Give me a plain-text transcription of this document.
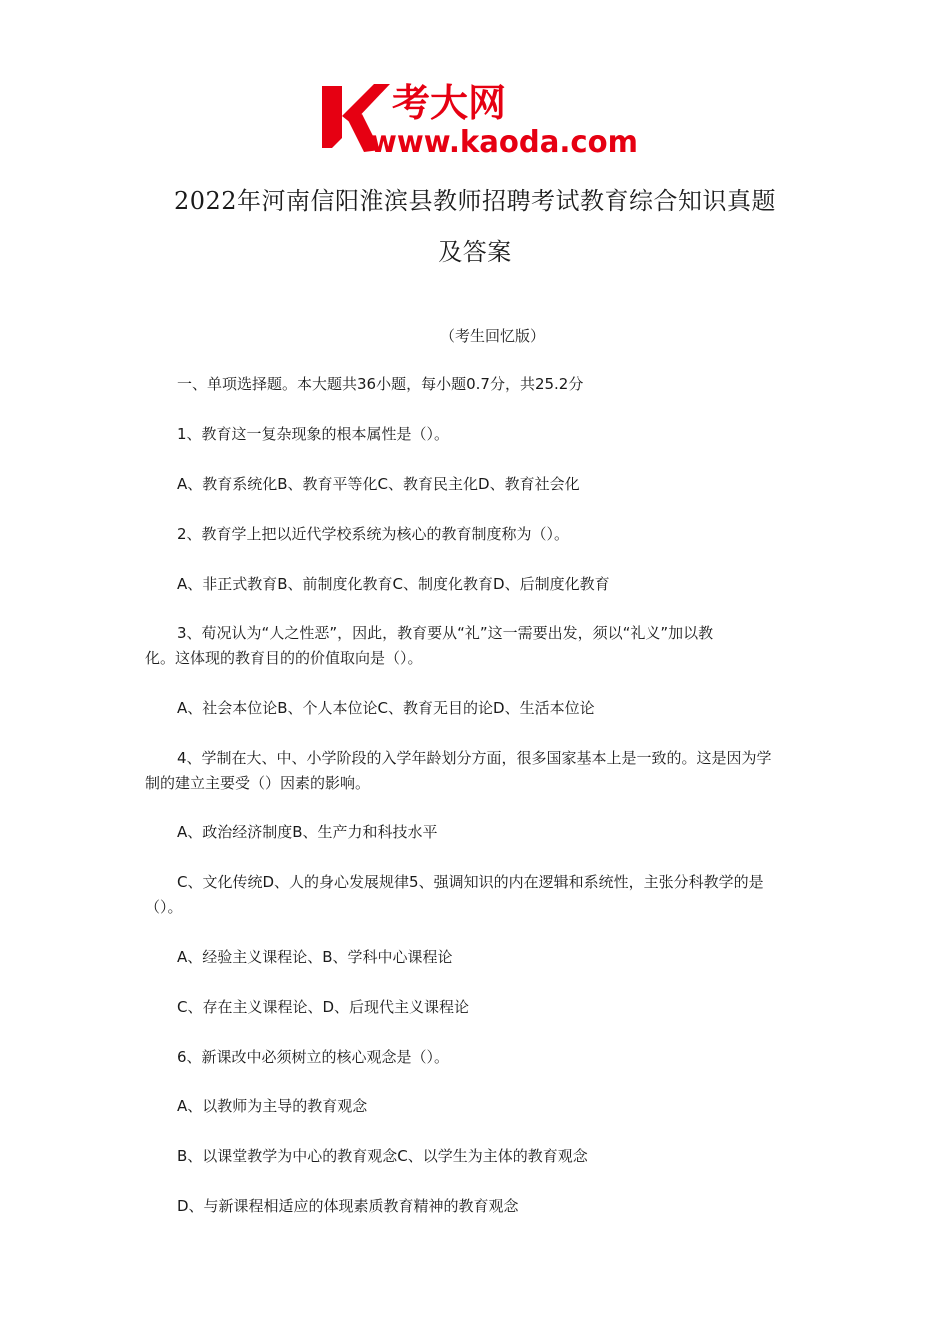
考大网
www.kaoda.com
2022年河南信阳淮滨县教师招聘考试教育综合知识真题
及答案
（考生回忆版）
一、单项选择题。本大题共36小题，每小题0.7分，共25.2分
1、教育这一复杂现象的根本属性是（）。
A、教育系统化B、教育平等化C、教育民主化D、教育社会化
2、教育学上把以近代学校系统为核心的教育制度称为（）。
A、非正式教育B、前制度化教育C、制度化教育D、后制度化教育
3、荀况认为“人之性恶”，因此，教育要从“礼”这一需要出发，须以“礼义”加以教
化。这体现的教育目的的价值取向是（）。
A、社会本位论B、个人本位论C、教育无目的论D、生活本位论
4、学制在大、中、小学阶段的入学年龄划分方面，很多国家基本上是一致的。这是因为学
制的建立主要受（）因素的影响。
A、政治经济制度B、生产力和科技水平
C、文化传统D、人的身心发展规律5、强调知识的内在逻辑和系统性，主张分科教学的是
（）。
A、经验主义课程论、B、学科中心课程论
C、存在主义课程论、D、后现代主义课程论
6、新课改中必须树立的核心观念是（）。
A、以教师为主导的教育观念
B、以课堂教学为中心的教育观念C、以学生为主体的教育观念
D、与新课程相适应的体现素质教育精神的教育观念
